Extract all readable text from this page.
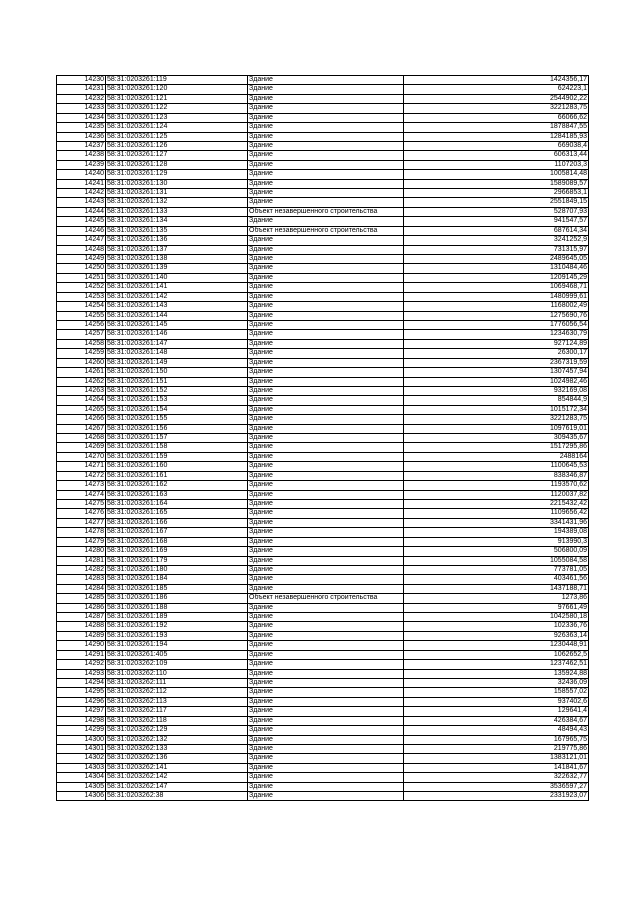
14230	58:31:0203261:119	Здание	1424356,17
14231	58:31:0203261:120	Здание	624223,1
14232	58:31:0203261:121	Здание	2544902,22
14233	58:31:0203261:122	Здание	3221283,75
14234	58:31:0203261:123	Здание	66066,62
14235	58:31:0203261:124	Здание	1878847,55
14236	58:31:0203261:125	Здание	1284185,93
14237	58:31:0203261:126	Здание	669038,4
14238	58:31:0203261:127	Здание	606313,44
14239	58:31:0203261:128	Здание	1107203,3
14240	58:31:0203261:129	Здание	1005814,48
14241	58:31:0203261:130	Здание	1589089,57
14242	58:31:0203261:131	Здание	2966853,1
14243	58:31:0203261:132	Здание	2551849,15
14244	58:31:0203261:133	Объект незавершенного строительства	528707,93
14245	58:31:0203261:134	Здание	941547,57
14246	58:31:0203261:135	Объект незавершенного строительства	687614,34
14247	58:31:0203261:136	Здание	3241252,9
14248	58:31:0203261:137	Здание	731315,97
14249	58:31:0203261:138	Здание	2489645,05
14250	58:31:0203261:139	Здание	1310484,46
14251	58:31:0203261:140	Здание	1209145,29
14252	58:31:0203261:141	Здание	1069468,71
14253	58:31:0203261:142	Здание	1480999,61
14254	58:31:0203261:143	Здание	1168002,49
14255	58:31:0203261:144	Здание	1275690,76
14256	58:31:0203261:145	Здание	1776056,54
14257	58:31:0203261:146	Здание	1234630,79
14258	58:31:0203261:147	Здание	927124,89
14259	58:31:0203261:148	Здание	26300,17
14260	58:31:0203261:149	Здание	2367319,59
14261	58:31:0203261:150	Здание	1307457,94
14262	58:31:0203261:151	Здание	1024982,46
14263	58:31:0203261:152	Здание	932169,08
14264	58:31:0203261:153	Здание	854844,9
14265	58:31:0203261:154	Здание	1015172,34
14266	58:31:0203261:155	Здание	3221283,75
14267	58:31:0203261:156	Здание	1097619,01
14268	58:31:0203261:157	Здание	309435,67
14269	58:31:0203261:158	Здание	1517295,86
14270	58:31:0203261:159	Здание	2488164
14271	58:31:0203261:160	Здание	1100645,53
14272	58:31:0203261:161	Здание	838346,87
14273	58:31:0203261:162	Здание	1193570,62
14274	58:31:0203261:163	Здание	1120037,82
14275	58:31:0203261:164	Здание	2215432,42
14276	58:31:0203261:165	Здание	1109656,42
14277	58:31:0203261:166	Здание	3341431,96
14278	58:31:0203261:167	Здание	194389,08
14279	58:31:0203261:168	Здание	913990,3
14280	58:31:0203261:169	Здание	506800,09
14281	58:31:0203261:179	Здание	1055084,58
14282	58:31:0203261:180	Здание	773781,05
14283	58:31:0203261:184	Здание	403461,56
14284	58:31:0203261:185	Здание	1437188,71
14285	58:31:0203261:186	Объект незавершенного строительства	1273,86
14286	58:31:0203261:188	Здание	97661,49
14287	58:31:0203261:189	Здание	1042580,18
14288	58:31:0203261:192	Здание	102336,76
14289	58:31:0203261:193	Здание	926363,14
14290	58:31:0203261:194	Здание	1230448,91
14291	58:31:0203261:405	Здание	1062652,5
14292	58:31:0203262:109	Здание	1237462,51
14293	58:31:0203262:110	Здание	135924,88
14294	58:31:0203262:111	Здание	32436,09
14295	58:31:0203262:112	Здание	158557,02
14296	58:31:0203262:113	Здание	937402,6
14297	58:31:0203262:117	Здание	129641,4
14298	58:31:0203262:118	Здание	426384,67
14299	58:31:0203262:129	Здание	48494,43
14300	58:31:0203262:132	Здание	167965,75
14301	58:31:0203262:133	Здание	219775,86
14302	58:31:0203262:136	Здание	1383121,01
14303	58:31:0203262:141	Здание	141841,67
14304	58:31:0203262:142	Здание	322632,77
14305	58:31:0203262:147	Здание	3536597,27
14306	58:31:0203262:38	Здание	2331923,07
